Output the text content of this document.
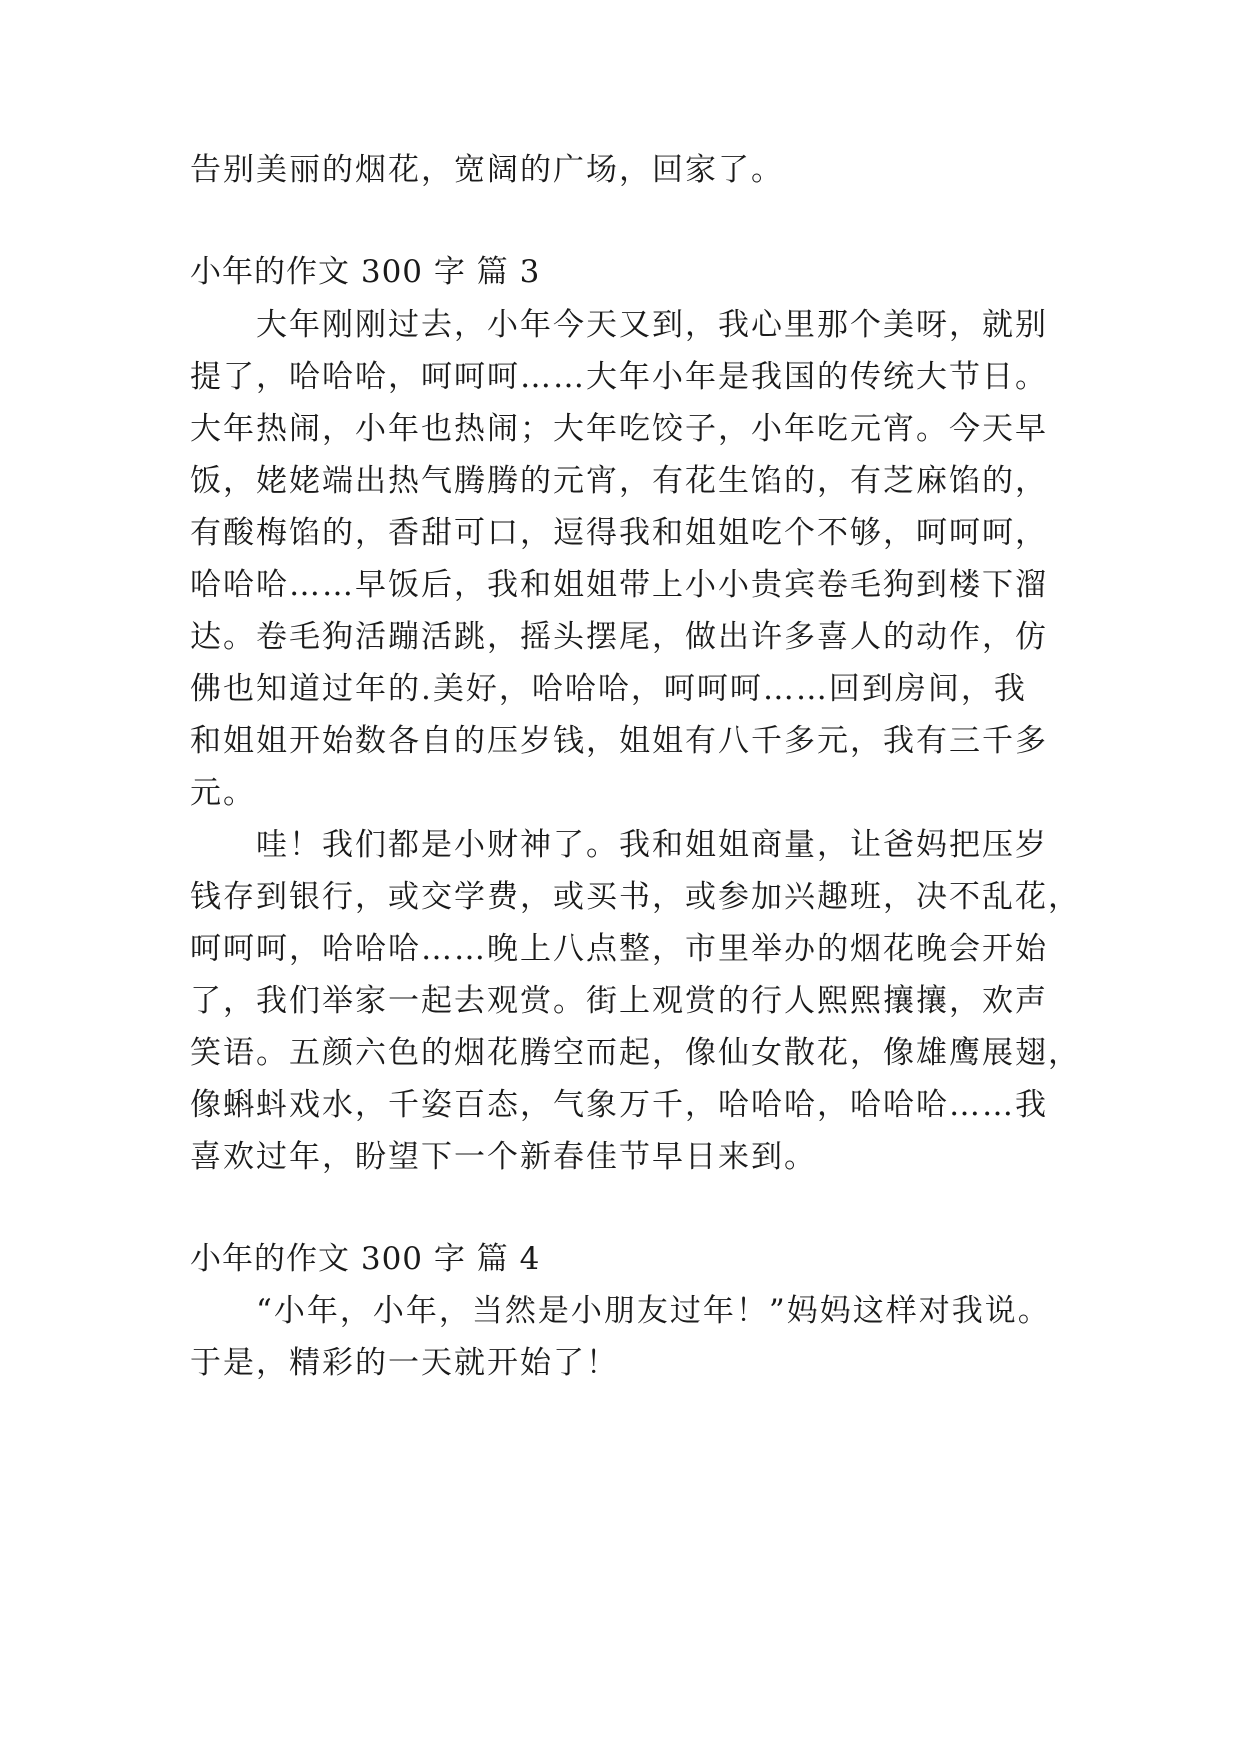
告别美丽的烟花，宽阔的广场，回家了。
小年的作文 300 字 篇 3
　　大年刚刚过去，小年今天又到，我心里那个美呀，就别
提了，哈哈哈，呵呵呵……大年小年是我国的传统大节日。
大年热闹，小年也热闹；大年吃饺子，小年吃元宵。今天早
饭，姥姥端出热气腾腾的元宵，有花生馅的，有芝麻馅的，
有酸梅馅的，香甜可口，逗得我和姐姐吃个不够，呵呵呵，
哈哈哈……早饭后，我和姐姐带上小小贵宾卷毛狗到楼下溜
达。卷毛狗活蹦活跳，摇头摆尾，做出许多喜人的动作，仿
佛也知道过年的.美好，哈哈哈，呵呵呵……回到房间，我
和姐姐开始数各自的压岁钱，姐姐有八千多元，我有三千多
元。
　　哇！我们都是小财神了。我和姐姐商量，让爸妈把压岁
钱存到银行，或交学费，或买书，或参加兴趣班，决不乱花，
呵呵呵，哈哈哈……晚上八点整，市里举办的烟花晚会开始
了，我们举家一起去观赏。街上观赏的行人熙熙攘攘，欢声
笑语。五颜六色的烟花腾空而起，像仙女散花，像雄鹰展翅，
像蝌蚪戏水，千姿百态，气象万千，哈哈哈，哈哈哈……我
喜欢过年，盼望下一个新春佳节早日来到。
小年的作文 300 字 篇 4
　　“小年，小年，当然是小朋友过年！”妈妈这样对我说。
于是，精彩的一天就开始了！
